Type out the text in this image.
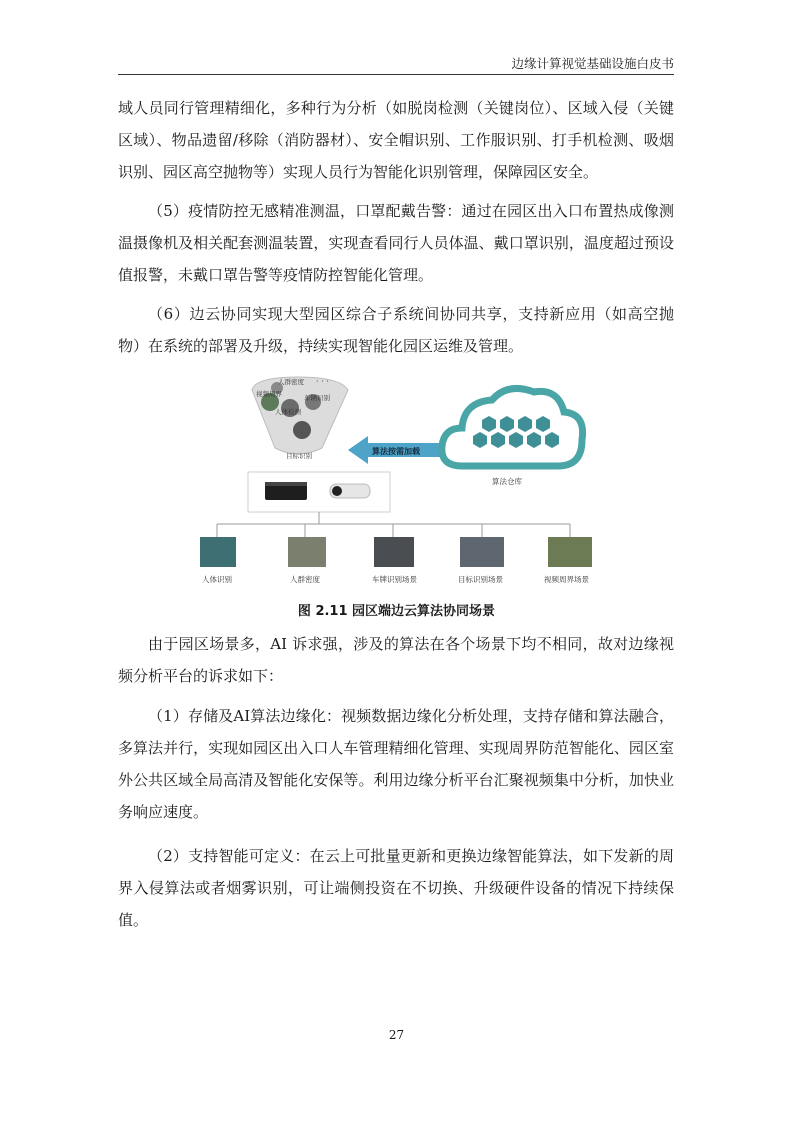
边缘计算视觉基础设施白皮书

域人员同行管理精细化，多种行为分析（如脱岗检测（关键岗位）、区域入侵（关键区域）、物品遗留/移除（消防器材）、安全帽识别、工作服识别、打手机检测、吸烟识别、园区高空抛物等）实现人员行为智能化识别管理，保障园区安全。

（5）疫情防控无感精准测温，口罩配戴告警：通过在园区出入口布置热成像测温摄像机及相关配套测温装置，实现查看同行人员体温、戴口罩识别，温度超过预设值报警，未戴口罩告警等疫情防控智能化管理。

（6）边云协同实现大型园区综合子系统间协同共享，支持新应用（如高空抛物）在系统的部署及升级，持续实现智能化园区运维及管理。

人群密度
视频周界	车辆识别
人体检测
目标识别
· · ·
算法按需加载
算法仓库
人体识别	人群密度	车牌识别场景	目标识别场景	视频周界场景
图 2.11 园区端边云算法协同场景

由于园区场景多，AI 诉求强，涉及的算法在各个场景下均不相同，故对边缘视频分析平台的诉求如下：

（1）存储及AI算法边缘化：视频数据边缘化分析处理，支持存储和算法融合，多算法并行，实现如园区出入口人车管理精细化管理、实现周界防范智能化、园区室外公共区域全局高清及智能化安保等。利用边缘分析平台汇聚视频集中分析，加快业务响应速度。

（2）支持智能可定义：在云上可批量更新和更换边缘智能算法，如下发新的周界入侵算法或者烟雾识别，可让端侧投资在不切换、升级硬件设备的情况下持续保值。

27
